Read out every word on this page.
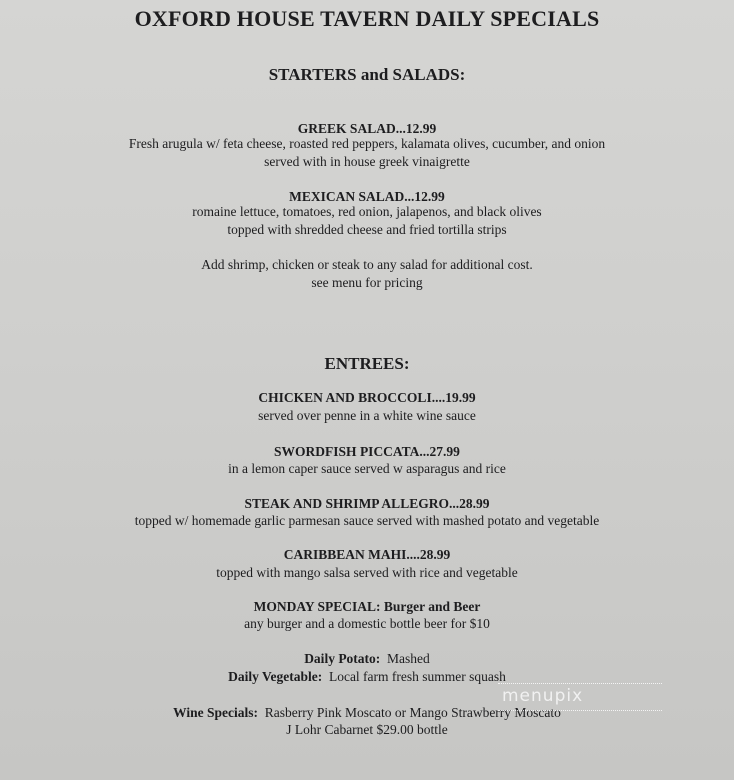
OXFORD HOUSE TAVERN DAILY SPECIALS
STARTERS and SALADS:
GREEK SALAD...12.99
Fresh arugula w/ feta cheese, roasted red peppers, kalamata olives, cucumber, and onion
served with in house greek vinaigrette
MEXICAN SALAD...12.99
romaine lettuce, tomatoes, red onion, jalapenos, and black olives
topped with shredded cheese and fried tortilla strips
Add shrimp, chicken or steak to any salad for additional cost.
see menu for pricing
ENTREES:
CHICKEN AND BROCCOLI....19.99
served over penne in a white wine sauce
SWORDFISH PICCATA...27.99
in a lemon caper sauce served w asparagus and rice
STEAK AND SHRIMP ALLEGRO...28.99
topped w/ homemade garlic parmesan sauce served with mashed potato and vegetable
CARIBBEAN MAHI....28.99
topped with mango salsa served with rice and vegetable
MONDAY SPECIAL: Burger and Beer
any burger and a domestic bottle beer for $10
Daily Potato: Mashed
Daily Vegetable: Local farm fresh summer squash
Wine Specials: Rasberry Pink Moscato or Mango Strawberry Moscato
J Lohr Cabarnet $29.00 bottle
menupix
